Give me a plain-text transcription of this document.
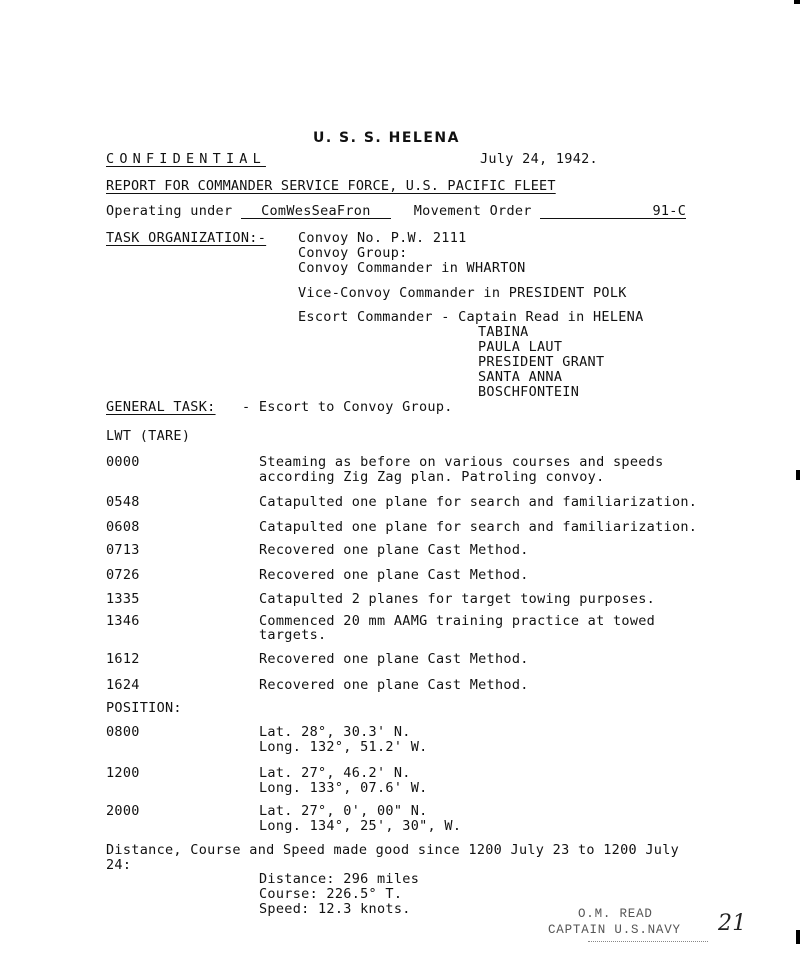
U. S. S. HELENA
CONFIDENTIAL	July 24, 1942.
REPORT FOR COMMANDER SERVICE FORCE, U.S. PACIFIC FLEET
Operating under ComWesSeaFron	Movement Order	91-C
TASK ORGANIZATION:- Convoy No. P.W. 2111
Convoy Group:
Convoy Commander in WHARTON
Vice-Convoy Commander in PRESIDENT POLK
Escort Commander - Captain Read in HELENA
TABINA
PAULA LAUT
PRESIDENT GRANT
SANTA ANNA
BOSCHFONTEIN
GENERAL TASK: - Escort to Convoy Group.
LWT (TARE)
0000	Steaming as before on various courses and speeds according Zig Zag plan. Patroling convoy.
0548	Catapulted one plane for search and familiarization.
0608	Catapulted one plane for search and familiarization.
0713	Recovered one plane Cast Method.
0726	Recovered one plane Cast Method.
1335	Catapulted 2 planes for target towing purposes.
1346	Commenced 20 mm AAMG training practice at towed targets.
1612	Recovered one plane Cast Method.
1624	Recovered one plane Cast Method.
POSITION:
0800	Lat. 28°, 30.3' N.
Long. 132°, 51.2' W.
1200	Lat. 27°, 46.2' N.
Long. 133°, 07.6' W.
2000	Lat. 27°, 0', 00" N.
Long. 134°, 25', 30", W.
Distance, Course and Speed made good since 1200 July 23 to 1200 July
24:
Distance: 296 miles
Course: 226.5° T.
Speed: 12.3 knots.	O.M. READ
CAPTAIN U.S.NAVY 21
